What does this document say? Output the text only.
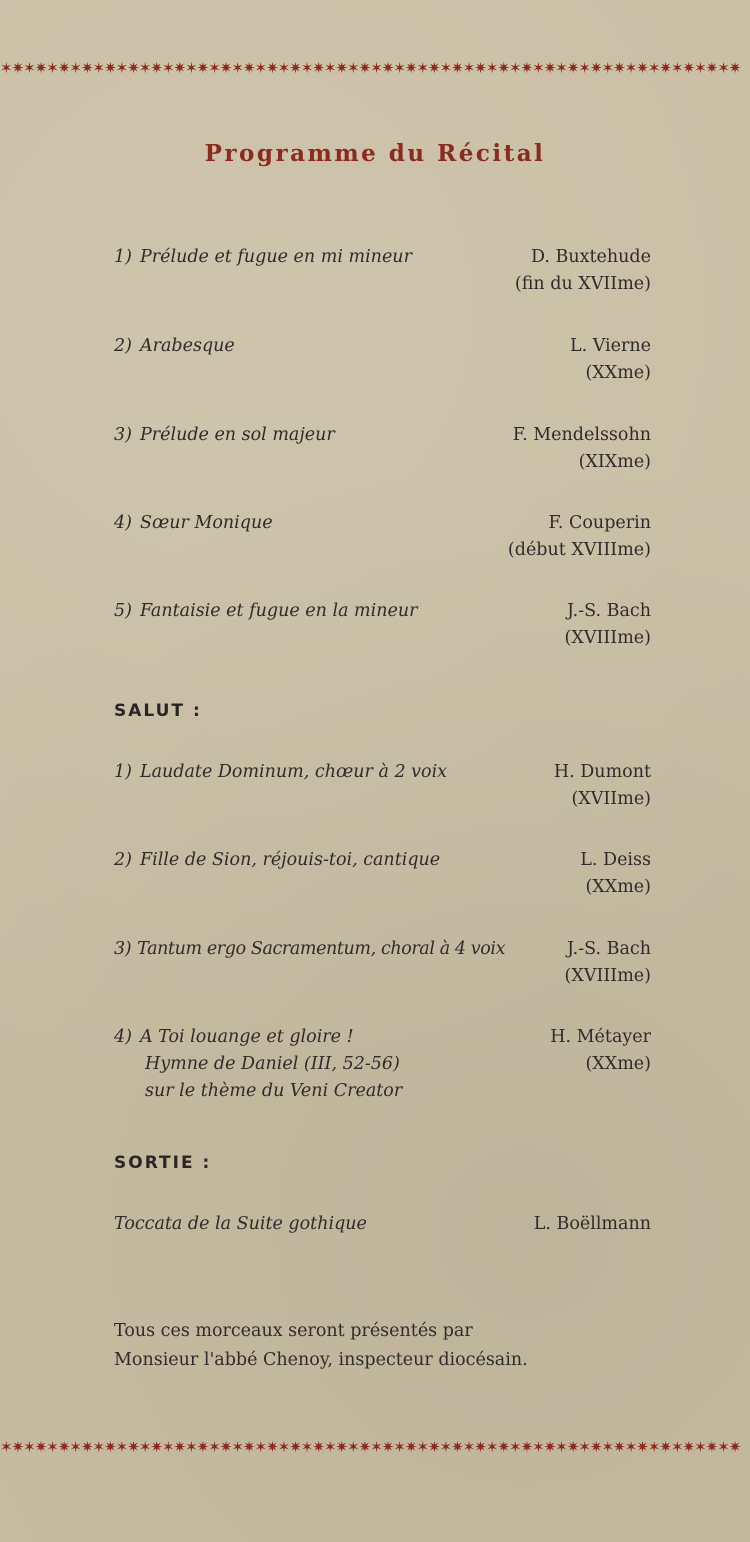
✶✷✶✷✶✷✶✷✶✷✶✷✶✷✶✷✶✷✶✷✶✷✶✷✶✷✶✷✶✷✶✷✶✷✶✷✶✷✶✷✶✷✶✷✶✷✶✷✶✷✶✷✶✷✶✷✶✷✶✷✶✷✶✷
Programme du Récital
1) Prélude et fugue en mi mineur	D. Buxtehude
(fin du XVIIme)
2) Arabesque	L. Vierne
(XXme)
3) Prélude en sol majeur	F. Mendelssohn
(XIXme)
4) Sœur Monique	F. Couperin
(début XVIIIme)
5) Fantaisie et fugue en la mineur	J.-S. Bach
(XVIIIme)
SALUT :
1) Laudate Dominum, chœur à 2 voix	H. Dumont
(XVIIme)
2) Fille de Sion, réjouis-toi, cantique	L. Deiss
(XXme)
3) Tantum ergo Sacramentum, choral à 4 voix	J.-S. Bach
(XVIIIme)
4) A Toi louange et gloire !
Hymne de Daniel (III, 52-56)
sur le thème du Veni Creator
H. Métayer
(XXme)
SORTIE :
Toccata de la Suite gothique	L. Boëllmann
Tous ces morceaux seront présentés par
Monsieur l'abbé Chenoy, inspecteur diocésain.
✶✷✶✷✶✷✶✷✶✷✶✷✶✷✶✷✶✷✶✷✶✷✶✷✶✷✶✷✶✷✶✷✶✷✶✷✶✷✶✷✶✷✶✷✶✷✶✷✶✷✶✷✶✷✶✷✶✷✶✷✶✷✶✷
